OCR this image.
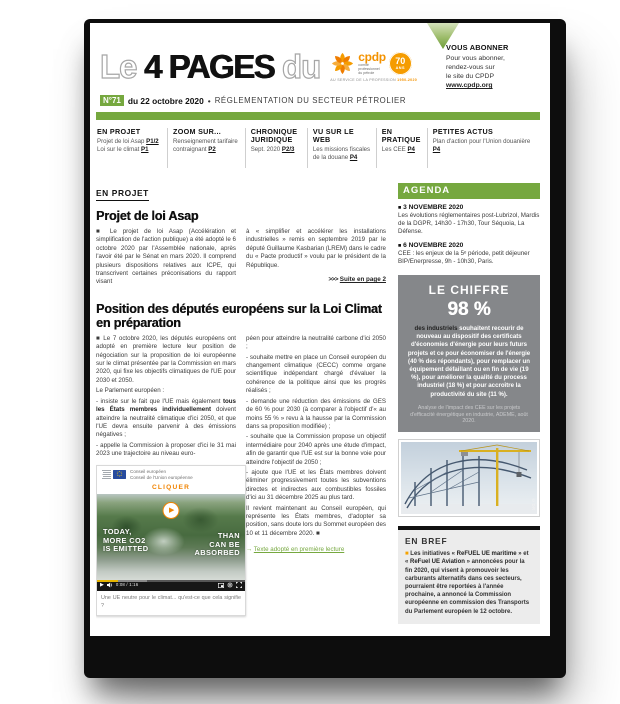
Le 4 PAGES du	cpdp
comité
professionnel
du pétrole
70
ANS
AU SERVICE DE LA PROFESSION 1950-2020
VOUS ABONNER
Pour vous abonner,
rendez-vous sur
le site du CPDP
www.cpdp.org
N°71 du 22 octobre 2020 • RÉGLEMENTATION DU SECTEUR PÉTROLIER
EN PROJET
Projet de loi Asap P1/2
Loi sur le climat P1
ZOOM SUR...
Renseignement tarifaire contraignant P2
CHRONIQUE JURIDIQUE
Sept. 2020 P2/3
VU SUR LE WEB
Les missions fiscales de la douane P4
EN PRATIQUE
Les CEE P4
PETITES ACTUS
Plan d'action pour l'Union douanière P4
EN PROJET
Projet de loi Asap

■ Le projet de loi Asap (Accélération et simplification de l'action publique) a été adopté le 6 octobre 2020 par l'Assemblée nationale, après l'avoir été par le Sénat en mars 2020. Il comprend plusieurs dispositions relatives aux ICPE, qui transcrivent certaines préconisations du rapport visant

à « simplifier et accélérer les installations industrielles » remis en septembre 2019 par le député Guillaume Kasbarian (LREM) dans le cadre du « Pacte productif » voulu par le président de la République.

>>> Suite en page 2
Position des députés européens sur la Loi Climat en préparation

■ Le 7 octobre 2020, les députés européens ont adopté en première lecture leur position de négociation sur la proposition de loi européenne sur le climat présentée par la Commission en mars 2020, qui fixe les objectifs climatiques de l'UE pour 2030 et 2050.

Le Parlement européen :

- insiste sur le fait que l'UE mais également tous les États membres individuellement doivent atteindre la neutralité climatique d'ici 2050, et que l'UE devra ensuite parvenir à des émissions négatives ;

- appelle la Commission à proposer d'ici le 31 mai 2023 une trajectoire au niveau euro-

Conseil européen
Conseil de l'Union européenne
CLIQUER
▶
TODAY,
MORE CO2
IS EMITTED
THAN
CAN BE
ABSORBED
▶	0:08 / 1:16
Une UE neutre pour le climat... qu'est-ce que cela signifie ?

péen pour atteindre la neutralité carbone d'ici 2050 ;

- souhaite mettre en place un Conseil européen du changement climatique (CECC) comme organe scientifique indépendant chargé d'évaluer la cohérence de la politique ainsi que les progrès réalisés ;

- demande une réduction des émissions de GES de 60 % pour 2030 (à comparer à l'objectif d'« au moins 55 % » revu à la hausse par la Commission dans sa proposition modifiée) ;

- souhaite que la Commission propose un objectif intermédiaire pour 2040 après une étude d'impact, afin de garantir que l'UE est sur la bonne voie pour atteindre l'objectif de 2050 ;

- ajoute que l'UE et les États membres doivent éliminer progressivement toutes les subventions directes et indirectes aux combustibles fossiles d'ici au 31 décembre 2025 au plus tard.

Il revient maintenant au Conseil européen, qui représente les États membres, d'adopter sa position, sans doute lors du Sommet européen des 10 et 11 décembre 2020. ■

→ Texte adopté en première lecture
AGENDA
■ 3 NOVEMBRE 2020
Les évolutions réglementaires post-Lubrizol, Mardis de la DGPR, 14h30 - 17h30, Tour Séquoia, La Défense.
■ 6 NOVEMBRE 2020
CEE : les enjeux de la 5ᵉ période, petit déjeuner BIP/Enerpresse, 9h - 10h30, Paris.
LE CHIFFRE
98 %
des industriels souhaitent recourir de nouveau au dispositif des certificats d'économies d'énergie pour leurs futurs projets et ce pour économiser de l'énergie (40 % des répondants), pour remplacer un équipement défaillant ou en fin de vie (19 %), pour améliorer la qualité du process industriel (18 %) et pour accroître la productivité du site (11 %).
Analyse de l'impact des CEE sur les projets d'efficacité énergétique en industrie, ADEME, août 2020.
©DR
EN BREF
■ Les initiatives « ReFUEL UE maritime » et « ReFuel UE Aviation » annoncées pour la fin 2020, qui visent à promouvoir les carburants alternatifs dans ces secteurs, pourraient être reportées à l'année prochaine, a annoncé la Commission européenne en commission des Transports du Parlement européen le 12 octobre.
